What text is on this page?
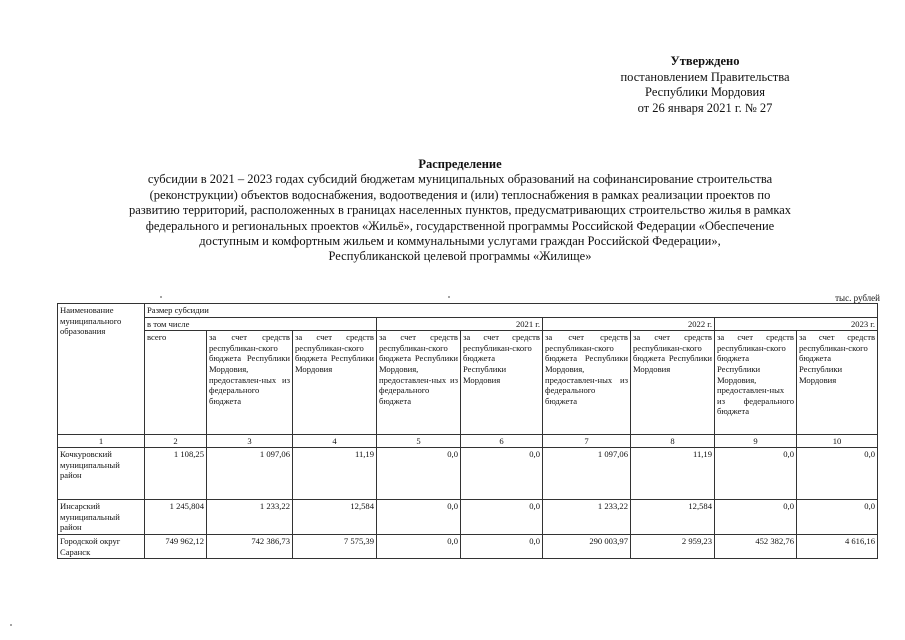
Утверждено
постановлением Правительства
Республики Мордовия
от 26 января 2021 г. № 27
Распределение
субсидии в 2021 – 2023 годах субсидий бюджетам муниципальных образований на софинансирование строительства
(реконструкции) объектов водоснабжения, водоотведения и (или) теплоснабжения в рамках реализации проектов по
развитию территорий, расположенных в границах населенных пунктов, предусматривающих строительство жилья в рамках
федерального и региональных проектов «Жильё», государственной программы Российской Федерации «Обеспечение
доступным и комфортным жильем и коммунальными услугами граждан Российской Федерации»,
Республиканской целевой программы «Жилище»
тыс. рублей
Наименование муниципального образования	Размер субсидии								
	в том числе			2021 г.		2022 г.		2023 г.	
	всего	за счет средств республикан-ского бюджета Республики Мордовия, предоставлен-ных из федерального бюджета	за счет средств республикан-ского бюджета Республики Мордовия	за счет средств республикан-ского бюджета Республики Мордовия, предоставлен-ных из федерального бюджета	за счет средств республикан-ского бюджета Республики Мордовия	за счет средств республикан-ского бюджета Республики Мордовия, предоставлен-ных из федерального бюджета	за счет средств республикан-ского бюджета Республики Мордовия	за счет средств республикан-ского бюджета Республики Мордовия, предоставлен-ных из федерального бюджета	за счет средств республикан-ского бюджета Республики Мордовия
1	2	3	4	5	6	7	8	9	10
Кочкуровский муниципальный район	1 108,25	1 097,06	11,19	0,0	0,0	1 097,06	11,19	0,0	0,0
Инсарский муниципальный район	1 245,804	1 233,22	12,584	0,0	0,0	1 233,22	12,584	0,0	0,0
Городской округ Саранск	749 962,12	742 386,73	7 575,39	0,0	0,0	290 003,97	2 959,23	452 382,76	4 616,16
